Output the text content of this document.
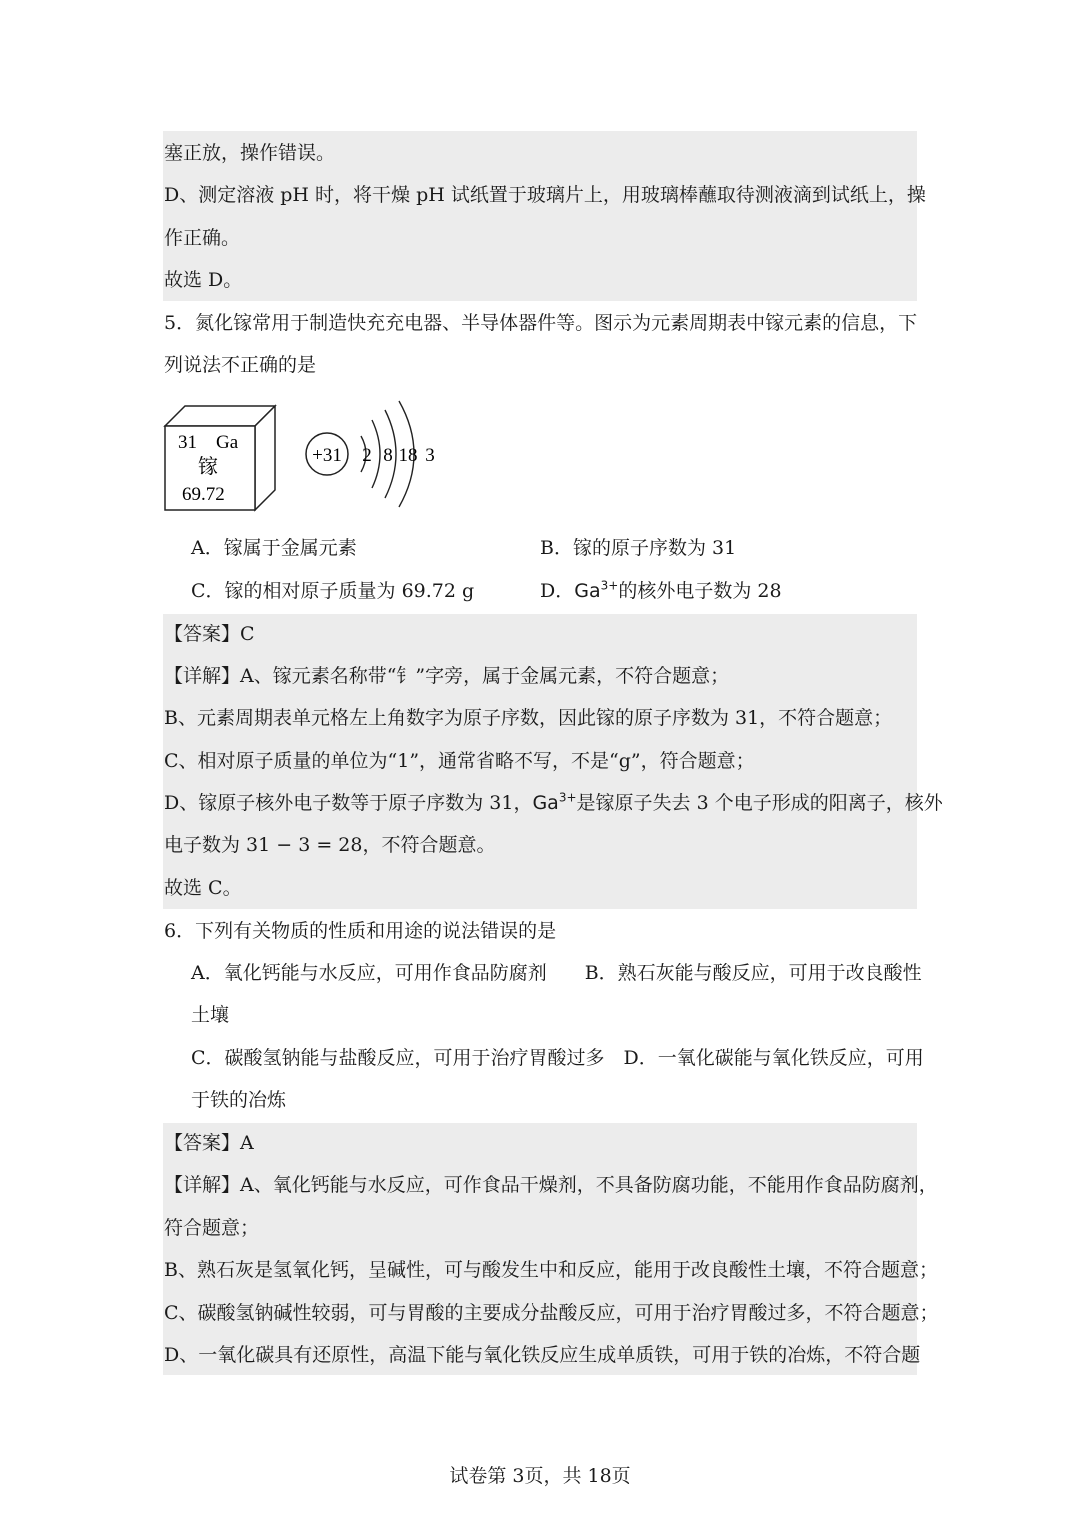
塞正放，操作错误。
D、测定溶液 pH 时，将干燥 pH 试纸置于玻璃片上，用玻璃棒蘸取待测液滴到试纸上，操
作正确。
故选 D。
5．氮化镓常用于制造快充充电器、半导体器件等。图示为元素周期表中镓元素的信息，下
列说法不正确的是
31 Ga
镓
69.72
+31 2 8 18 3
A．镓属于金属元素	B．镓的原子序数为 31
C．镓的相对原子质量为 69.72 g	D．$Ga^{3+}$的核外电子数为 28
【答案】C
【详解】A、镓元素名称带“钅”字旁，属于金属元素，不符合题意；
B、元素周期表单元格左上角数字为原子序数，因此镓的原子序数为 31，不符合题意；
C、相对原子质量的单位为“1”，通常省略不写，不是“g”，符合题意；
D、镓原子核外电子数等于原子序数为 31，$Ga^{3+}$是镓原子失去 3 个电子形成的阳离子，核外
电子数为 31 − 3 = 28，不符合题意。
故选 C。
6．下列有关物质的性质和用途的说法错误的是
A．氧化钙能与水反应，可用作食品防腐剂　　B．熟石灰能与酸反应，可用于改良酸性
土壤
C．碳酸氢钠能与盐酸反应，可用于治疗胃酸过多　D．一氧化碳能与氧化铁反应，可用
于铁的冶炼
【答案】A
【详解】A、氧化钙能与水反应，可作食品干燥剂，不具备防腐功能，不能用作食品防腐剂，
符合题意；
B、熟石灰是氢氧化钙，呈碱性，可与酸发生中和反应，能用于改良酸性土壤，不符合题意；
C、碳酸氢钠碱性较弱，可与胃酸的主要成分盐酸反应，可用于治疗胃酸过多，不符合题意；
D、一氧化碳具有还原性，高温下能与氧化铁反应生成单质铁，可用于铁的冶炼，不符合题
试卷第 3页，共 18页
